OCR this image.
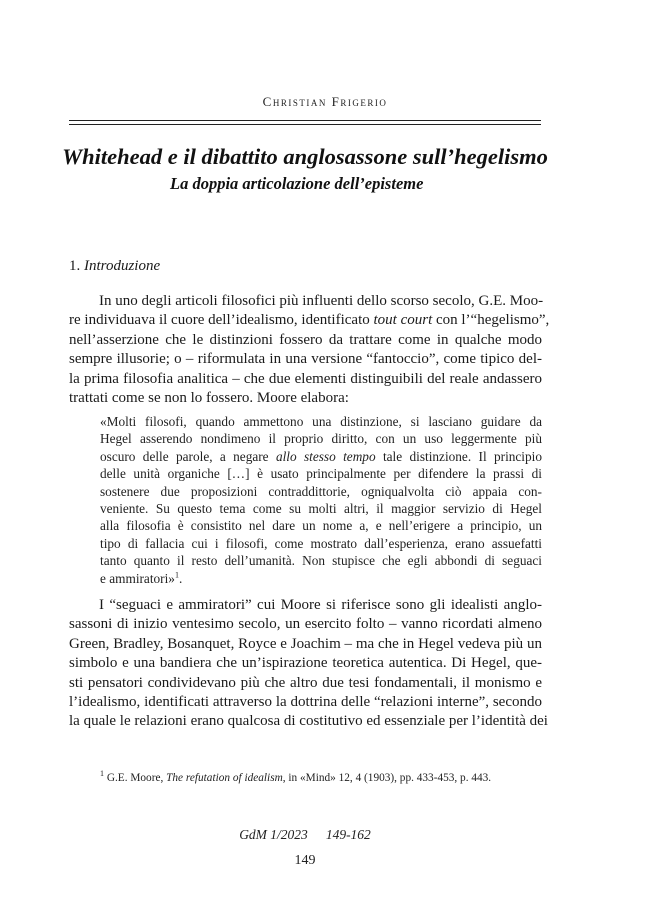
Christian Frigerio
Whitehead e il dibattito anglosassone sull’hegelismo
La doppia articolazione dell’episteme
1. Introduzione

In uno degli articoli filosofici più influenti dello scorso secolo, G.E. Moo-
re individuava il cuore dell’idealismo, identificato tout court con l’“hegelismo”,
nell’asserzione che le distinzioni fossero da trattare come in qualche modo
sempre illusorie; o – riformulata in una versione “fantoccio”, come tipico del-
la prima filosofia analitica – che due elementi distinguibili del reale andassero
trattati come se non lo fossero. Moore elabora:

«Molti filosofi, quando ammettono una distinzione, si lasciano guidare da
Hegel asserendo nondimeno il proprio diritto, con un uso leggermente più
oscuro delle parole, a negare allo stesso tempo tale distinzione. Il principio
delle unità organiche […] è usato principalmente per difendere la prassi di
sostenere due proposizioni contraddittorie, ogniqualvolta ciò appaia con-
veniente. Su questo tema come su molti altri, il maggior servizio di Hegel
alla filosofia è consistito nel dare un nome a, e nell’erigere a principio, un
tipo di fallacia cui i filosofi, come mostrato dall’esperienza, erano assuefatti
tanto quanto il resto dell’umanità. Non stupisce che egli abbondi di seguaci
e ammiratori»$^1$.

I “seguaci e ammiratori” cui Moore si riferisce sono gli idealisti anglo-
sassoni di inizio ventesimo secolo, un esercito folto – vanno ricordati almeno
Green, Bradley, Bosanquet, Royce e Joachim – ma che in Hegel vedeva più un
simbolo e una bandiera che un’ispirazione teoretica autentica. Di Hegel, que-
sti pensatori condividevano più che altro due tesi fondamentali, il monismo e
l’idealismo, identificati attraverso la dottrina delle “relazioni interne”, secondo
la quale le relazioni erano qualcosa di costitutivo ed essenziale per l’identità dei

$^1$ G.E. Moore, The refutation of idealism, in «Mind» 12, 4 (1903), pp. 433-453, p. 443.
GdM 1/2023 149-162
149
